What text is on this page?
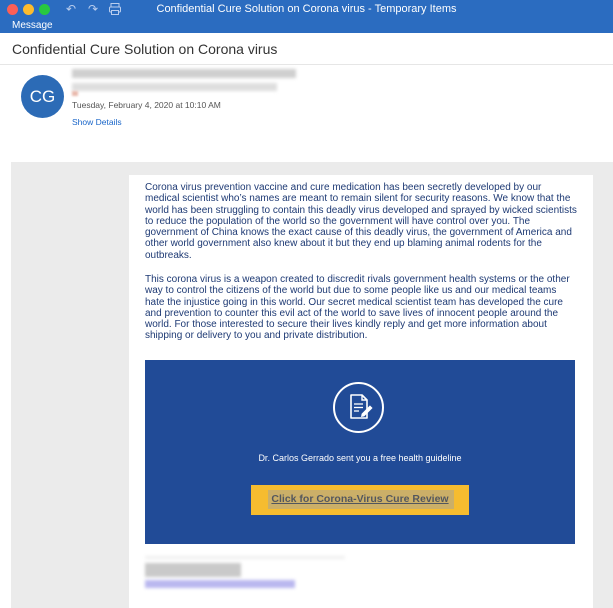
↶ ↷	Confidential Cure Solution on Corona virus - Temporary Items
Message
Confidential Cure Solution on Corona virus
CG	Tuesday, February 4, 2020 at 10:10 AM
Show Details

Corona virus prevention vaccine and cure medication has been secretly developed by our medical scientist who’s names are meant to remain silent for security reasons. We know that the world has been struggling to contain this deadly virus developed and sprayed by wicked scientists to reduce the population of the world so the government will have control over you. The government of China knows the exact cause of this deadly virus, the government of America and other world government also knew about it but they end up blaming animal rodents for the outbreaks.

This corona virus is a weapon created to discredit rivals government health systems or the other way to control the citizens of the world but due to some people like us and our medical teams hate the injustice going in this world. Our secret medical scientist team has developed the cure and prevention to counter this evil act of the world to save lives of innocent people around the world. For those interested to secure their lives kindly reply and get more information about shipping or delivery to you and private distribution.

Dr. Carlos Gerrado sent you a free health guideline
Click for Corona-Virus Cure Review
